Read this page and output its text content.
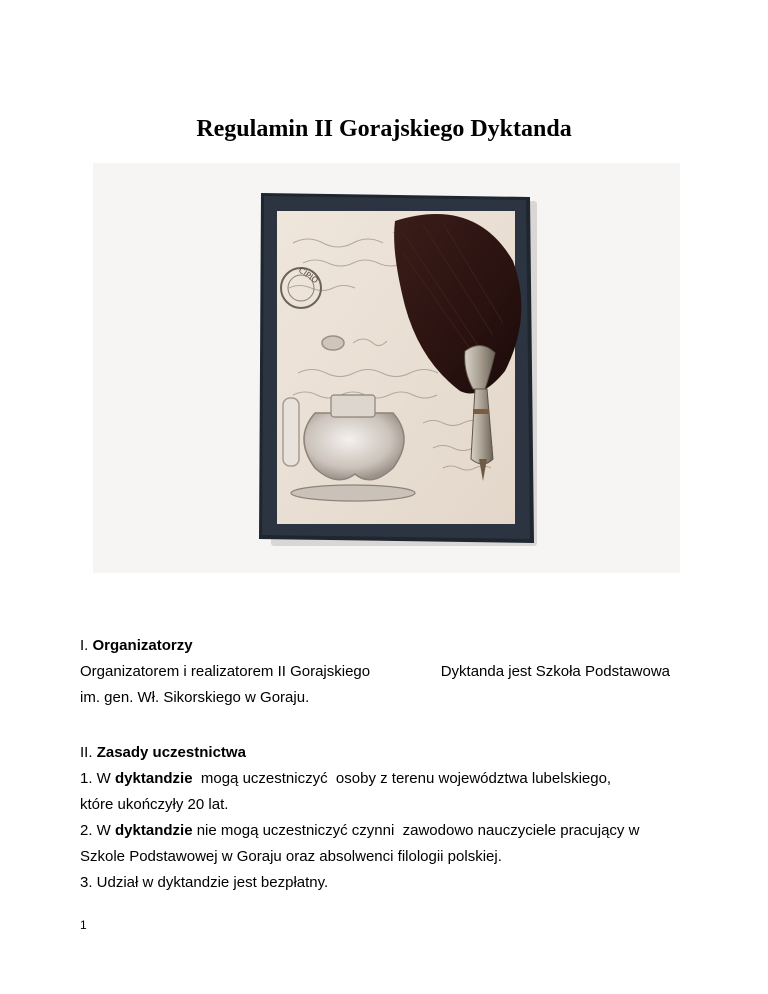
Regulamin II Gorajskiego Dyktanda
CIPIO

I. Organizatorzy

Organizatorem i realizatorem II Gorajskiego	Dyktanda jest Szkoła Podstawowa

im. gen. Wł. Sikorskiego w Goraju.

II. Zasady uczestnictwa

1. W dyktandzie  mogą uczestniczyć  osoby z terenu województwa lubelskiego,

które ukończyły 20 lat.

2. W dyktandzie nie mogą uczestniczyć czynni  zawodowo nauczyciele pracujący w

Szkole Podstawowej w Goraju oraz absolwenci filologii polskiej.

3. Udział w dyktandzie jest bezpłatny.

1
